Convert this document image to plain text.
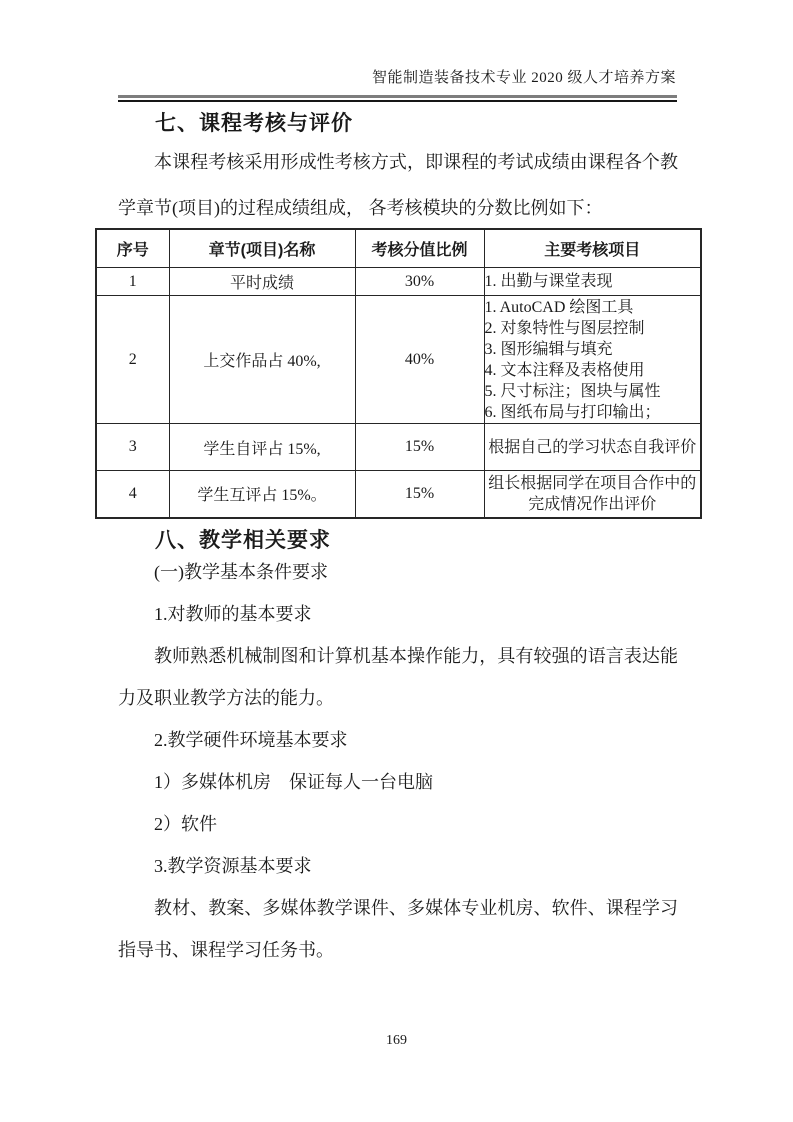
智能制造装备技术专业 2020 级人才培养方案
七、课程考核与评价

本课程考核采用形成性考核方式，即课程的考试成绩由课程各个教学章节(项目)的过程成绩组成， 各考核模块的分数比例如下：

序号	章节(项目)名称	考核分值比例	主要考核项目
1	平时成绩	30%	1. 出勤与课堂表现

2	上交作品占 40%,	40%	
1. AutoCAD 绘图工具
2. 对象特性与图层控制
3. 图形编辑与填充
4. 文本注释及表格使用
5. 尺寸标注；图块与属性
6. 图纸布局与打印输出；

3	学生自评占 15%,	15%	根据自己的学习状态自我评价

4	学生互评占 15%。	15%	组长根据同学在项目合作中的完成情况作出评价
八、教学相关要求

(一)教学基本条件要求

1.对教师的基本要求

教师熟悉机械制图和计算机基本操作能力，具有较强的语言表达能力及职业教学方法的能力。

2.教学硬件环境基本要求

1）多媒体机房　保证每人一台电脑

2）软件

3.教学资源基本要求

教材、教案、多媒体教学课件、多媒体专业机房、软件、课程学习指导书、课程学习任务书。

169
